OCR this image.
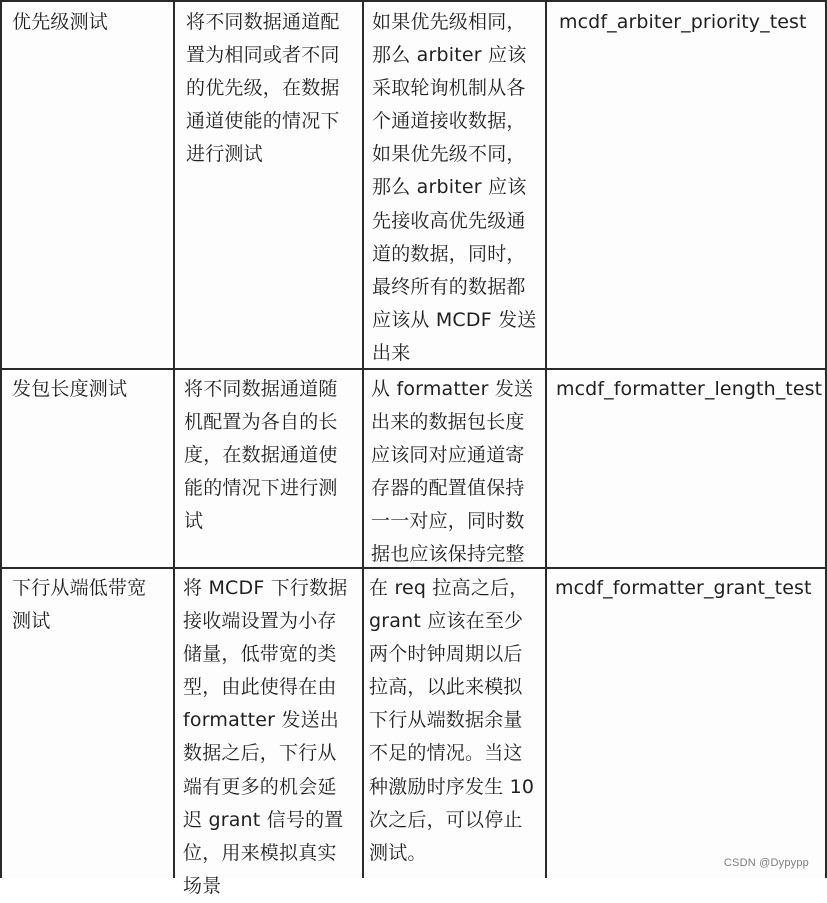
优先级测试	将不同数据通道配
置为相同或者不同
的优先级，在数据
通道使能的情况下
进行测试
如果优先级相同，
那么 arbiter 应该
采取轮询机制从各
个通道接收数据，
如果优先级不同，
那么 arbiter 应该
先接收高优先级通
道的数据，同时，
最终所有的数据都
应该从 MCDF 发送
出来
mcdf_arbiter_priority_test
发包长度测试	将不同数据通道随
机配置为各自的长
度，在数据通道使
能的情况下进行测
试
从 formatter 发送
出来的数据包长度
应该同对应通道寄
存器的配置值保持
一一对应，同时数
据也应该保持完整
mcdf_formatter_length_test
下行从端低带宽
测试
将 MCDF 下行数据
接收端设置为小存
储量，低带宽的类
型，由此使得在由
formatter 发送出
数据之后，下行从
端有更多的机会延
迟 grant 信号的置
位，用来模拟真实
场景
在 req 拉高之后，
grant 应该在至少
两个时钟周期以后
拉高，以此来模拟
下行从端数据余量
不足的情况。当这
种激励时序发生 10
次之后，可以停止
测试。
mcdf_formatter_grant_test
CSDN @Dypypp
